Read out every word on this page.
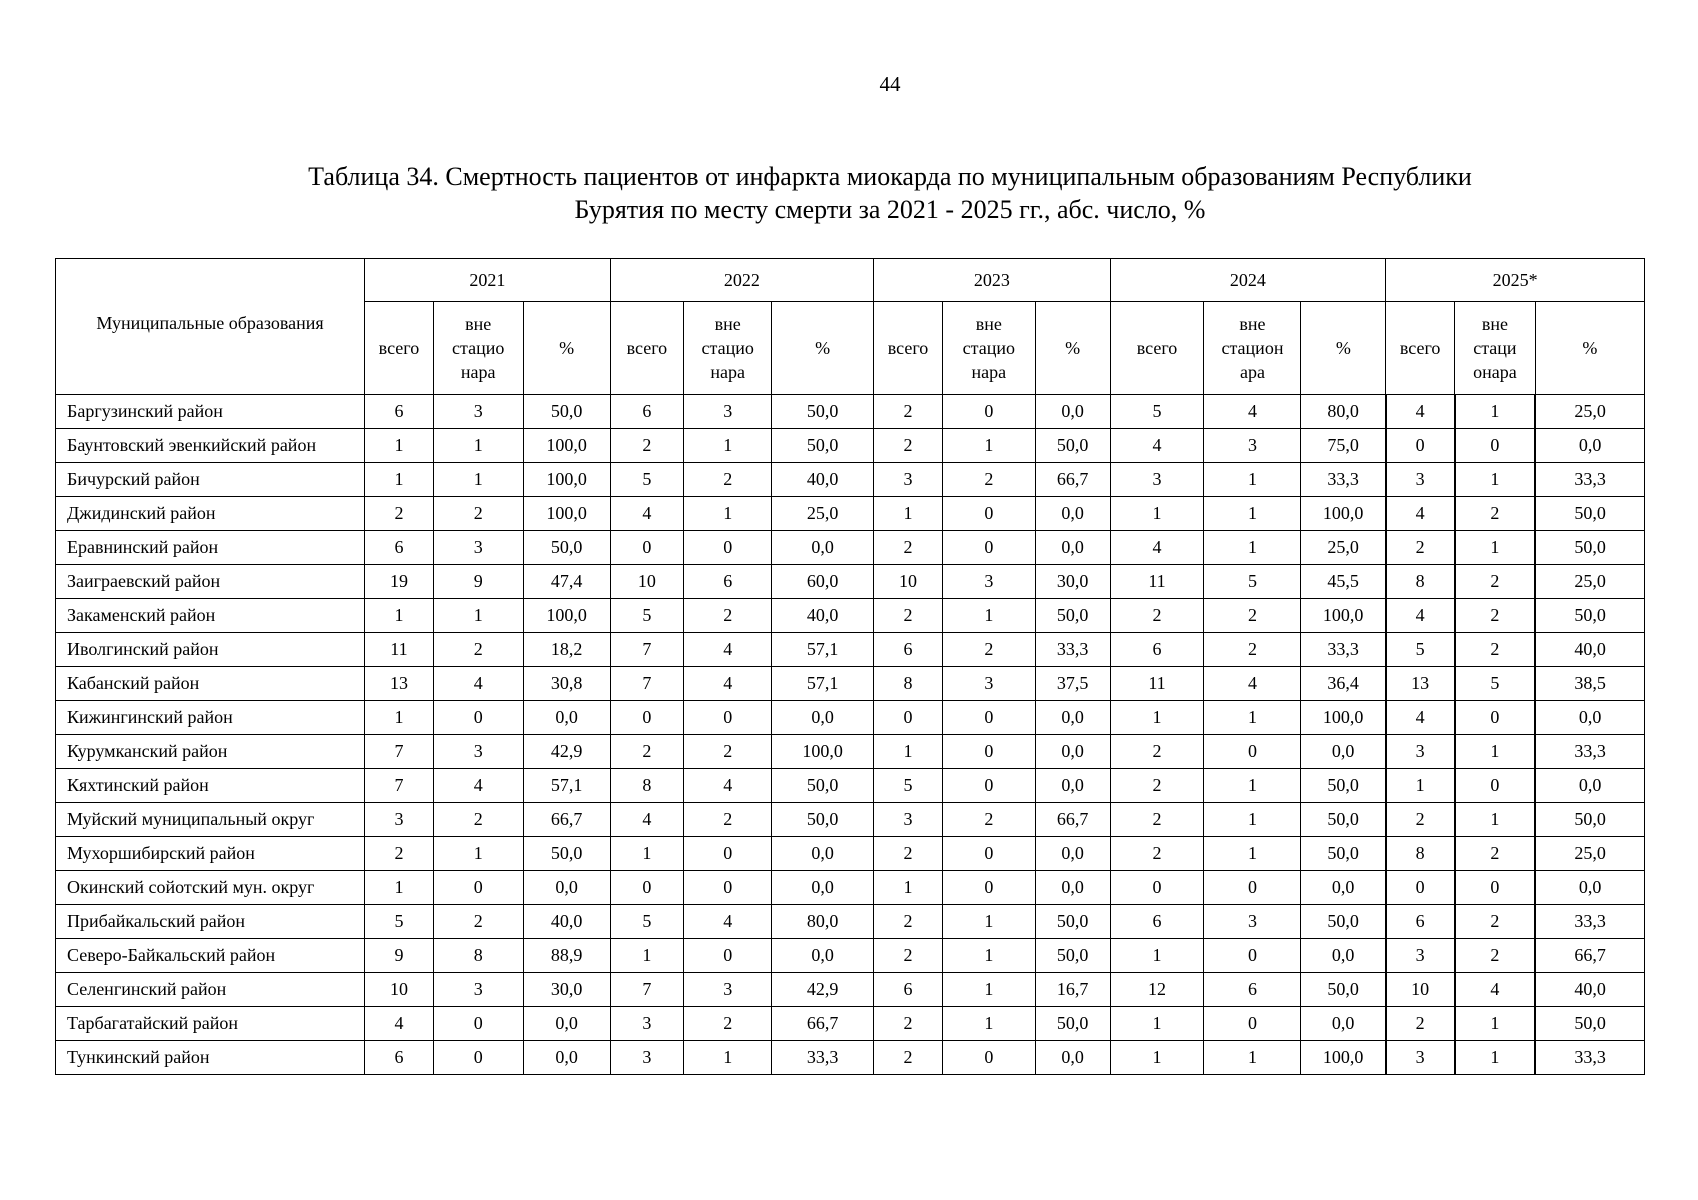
44
Таблица 34. Смертность пациентов от инфаркта миокарда по муниципальным образованиям Республики
Бурятия по месту смерти за 2021 - 2025 гг., абс. число, %
Муниципальные образования	2021			2022			2023			2024			2025*		
	всего	вне
стацио
нара	%	всего	вне
стацио
нара	%	всего	вне
стацио
нара	%	всего	вне
стацион
ара	%	всего	вне
стаци
онара	%
Баргузинский район	6	3	50,0	6	3	50,0	2	0	0,0	5	4	80,0	4	1	25,0
Баунтовский эвенкийский район	1	1	100,0	2	1	50,0	2	1	50,0	4	3	75,0	0	0	0,0
Бичурский район	1	1	100,0	5	2	40,0	3	2	66,7	3	1	33,3	3	1	33,3
Джидинский район	2	2	100,0	4	1	25,0	1	0	0,0	1	1	100,0	4	2	50,0
Еравнинский район	6	3	50,0	0	0	0,0	2	0	0,0	4	1	25,0	2	1	50,0
Заиграевский район	19	9	47,4	10	6	60,0	10	3	30,0	11	5	45,5	8	2	25,0
Закаменский район	1	1	100,0	5	2	40,0	2	1	50,0	2	2	100,0	4	2	50,0
Иволгинский район	11	2	18,2	7	4	57,1	6	2	33,3	6	2	33,3	5	2	40,0
Кабанский район	13	4	30,8	7	4	57,1	8	3	37,5	11	4	36,4	13	5	38,5
Кижингинский район	1	0	0,0	0	0	0,0	0	0	0,0	1	1	100,0	4	0	0,0
Курумканский район	7	3	42,9	2	2	100,0	1	0	0,0	2	0	0,0	3	1	33,3
Кяхтинский район	7	4	57,1	8	4	50,0	5	0	0,0	2	1	50,0	1	0	0,0
Муйский муниципальный округ	3	2	66,7	4	2	50,0	3	2	66,7	2	1	50,0	2	1	50,0
Мухоршибирский район	2	1	50,0	1	0	0,0	2	0	0,0	2	1	50,0	8	2	25,0
Окинский сойотский мун. округ	1	0	0,0	0	0	0,0	1	0	0,0	0	0	0,0	0	0	0,0
Прибайкальский район	5	2	40,0	5	4	80,0	2	1	50,0	6	3	50,0	6	2	33,3
Северо-Байкальский район	9	8	88,9	1	0	0,0	2	1	50,0	1	0	0,0	3	2	66,7
Селенгинский район	10	3	30,0	7	3	42,9	6	1	16,7	12	6	50,0	10	4	40,0
Тарбагатайский район	4	0	0,0	3	2	66,7	2	1	50,0	1	0	0,0	2	1	50,0
Тункинский район	6	0	0,0	3	1	33,3	2	0	0,0	1	1	100,0	3	1	33,3
